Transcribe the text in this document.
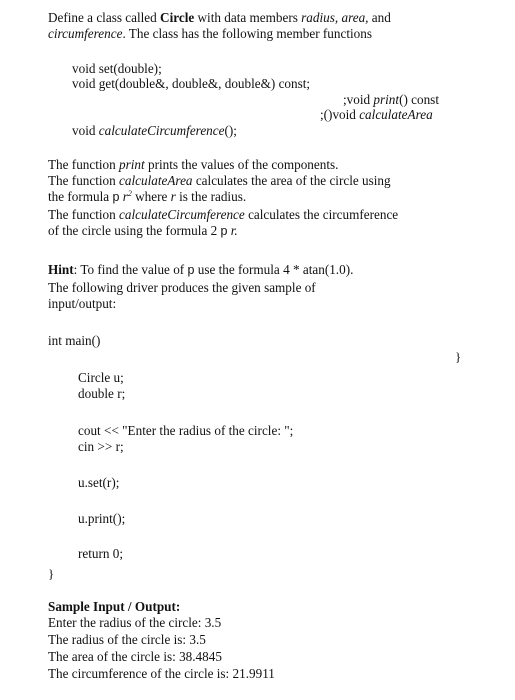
Define a class called Circle with data members radius, area, and
circumference. The class has the following member functions
void set(double);
void get(double&, double&, double&) const;
;void print() const
;()void calculateArea
void calculateCircumference();
The function print prints the values of the components.
The function calculateArea calculates the area of the circle using
the formula p $r^2$ where r is the radius.
The function calculateCircumference calculates the circumference
of the circle using the formula 2 p r.
Hint: To find the value of p use the formula 4 * atan(1.0).
The following driver produces the given sample of
input/output:
int main()
}
Circle u;
double r;
cout << "Enter the radius of the circle: ";
cin >> r;
u.set(r);
u.print();
return 0;
}
Sample Input / Output:
Enter the radius of the circle: 3.5
The radius of the circle is: 3.5
The area of the circle is: 38.4845
The circumference of the circle is: 21.9911
